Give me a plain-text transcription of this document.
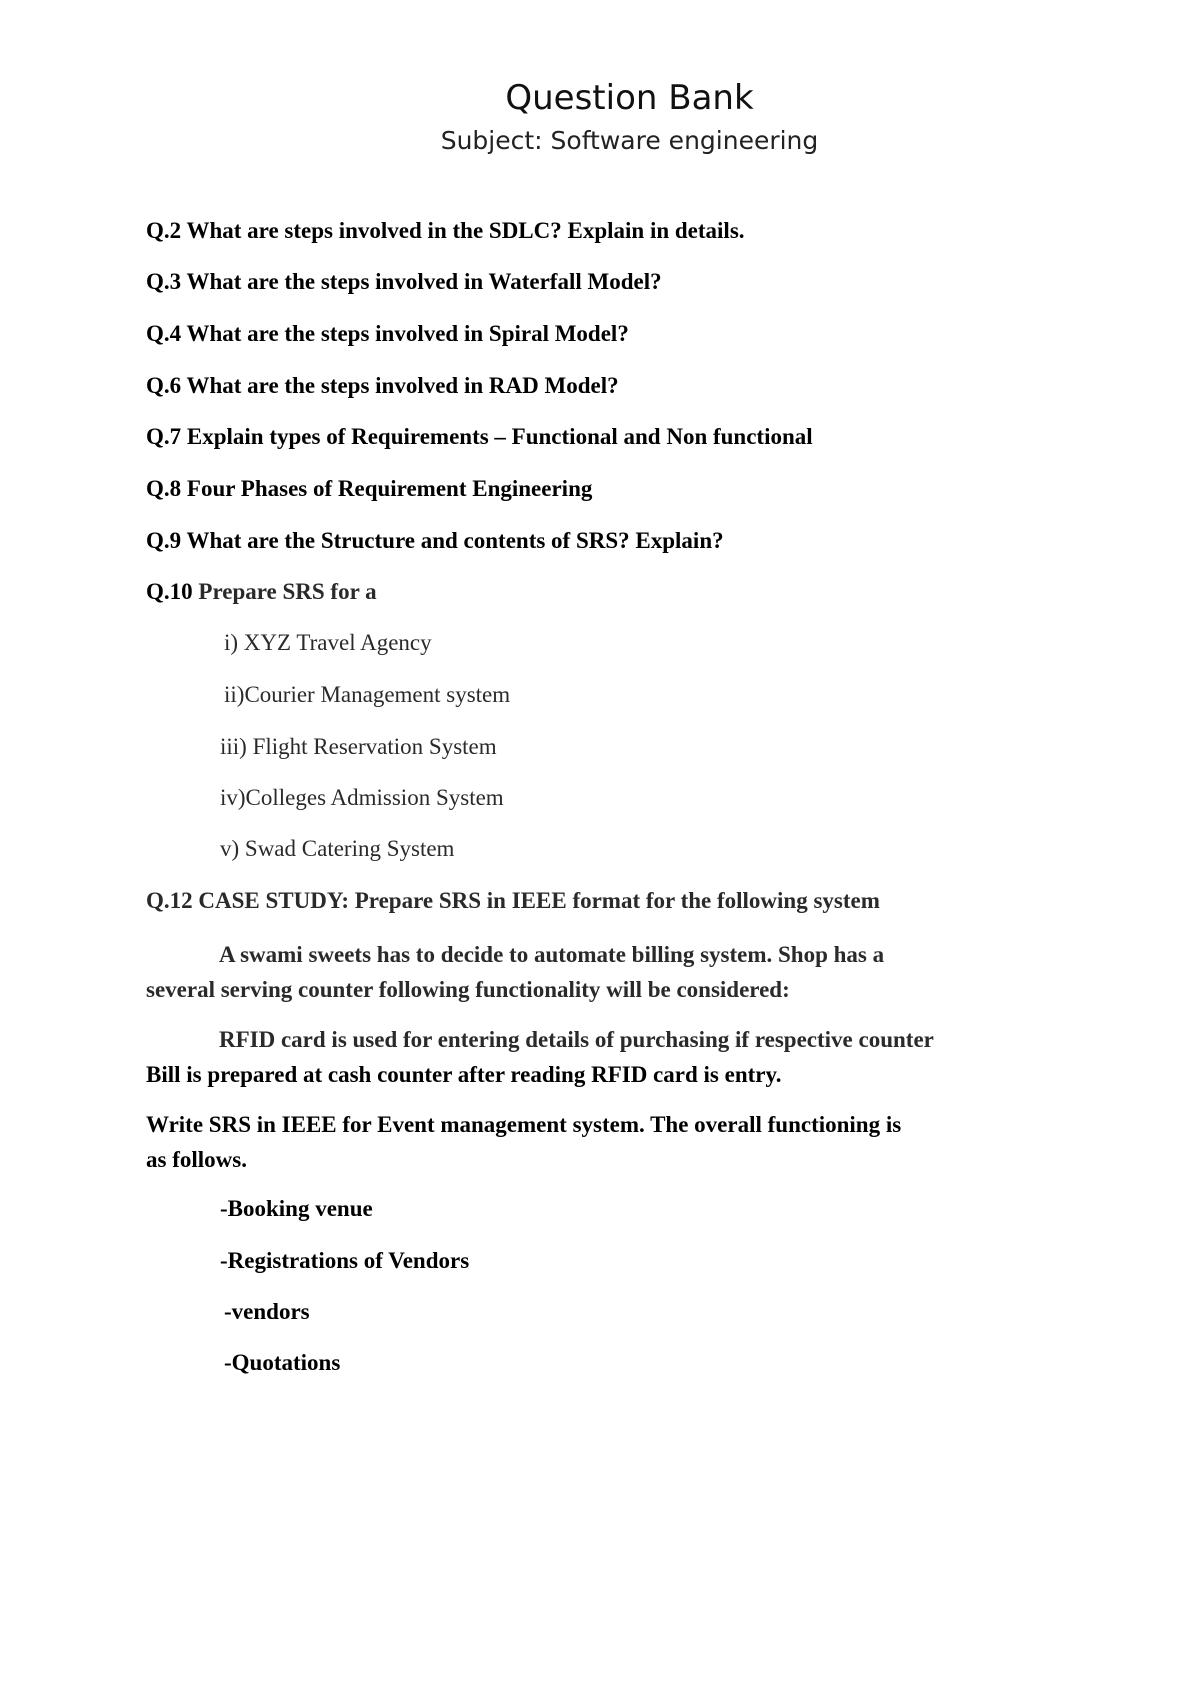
Question Bank
Subject: Software engineering
Q.2 What are steps involved in the SDLC? Explain in details.
Q.3 What are the steps involved in Waterfall Model?
Q.4 What are the steps involved in Spiral Model?
Q.6 What are the steps involved in RAD Model?
Q.7 Explain types of Requirements – Functional and Non functional
Q.8 Four Phases of Requirement Engineering
Q.9 What are the Structure and contents of SRS? Explain?
Q.10 Prepare SRS for a
i) XYZ Travel Agency
ii)Courier Management system
iii) Flight Reservation System
iv)Colleges Admission System
v) Swad Catering System
Q.12 CASE STUDY: Prepare SRS in IEEE format for the following system
A swami sweets has to decide to automate billing system. Shop has a
several serving counter following functionality will be considered:
RFID card is used for entering details of purchasing if respective counter
Bill is prepared at cash counter after reading RFID card is entry.
Write SRS in IEEE for Event management system. The overall functioning is
as follows.
-Booking venue
-Registrations of Vendors
-vendors
-Quotations
